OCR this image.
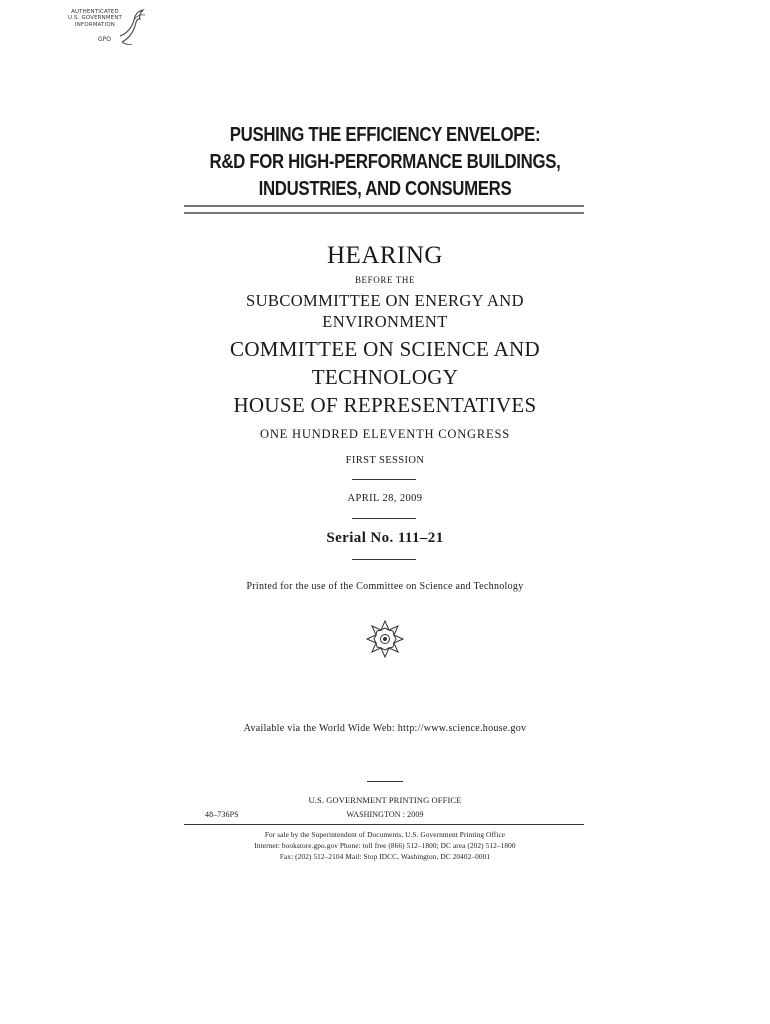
AUTHENTICATED
U.S. GOVERNMENT
INFORMATION
GPO
PUSHING THE EFFICIENCY ENVELOPE:
R&D FOR HIGH-PERFORMANCE BUILDINGS,
INDUSTRIES, AND CONSUMERS
HEARING
BEFORE THE
SUBCOMMITTEE ON ENERGY AND
ENVIRONMENT
COMMITTEE ON SCIENCE AND
TECHNOLOGY
HOUSE OF REPRESENTATIVES
ONE HUNDRED ELEVENTH CONGRESS
FIRST SESSION
APRIL 28, 2009
Serial No. 111–21
Printed for the use of the Committee on Science and Technology
Available via the World Wide Web: http://www.science.house.gov
U.S. GOVERNMENT PRINTING OFFICE
48–736PS	WASHINGTON : 2009
For sale by the Superintendent of Documents, U.S. Government Printing Office
Internet: bookstore.gpo.gov Phone: toll free (866) 512–1800; DC area (202) 512–1800
Fax: (202) 512–2104 Mail: Stop IDCC, Washington, DC 20402–0001
